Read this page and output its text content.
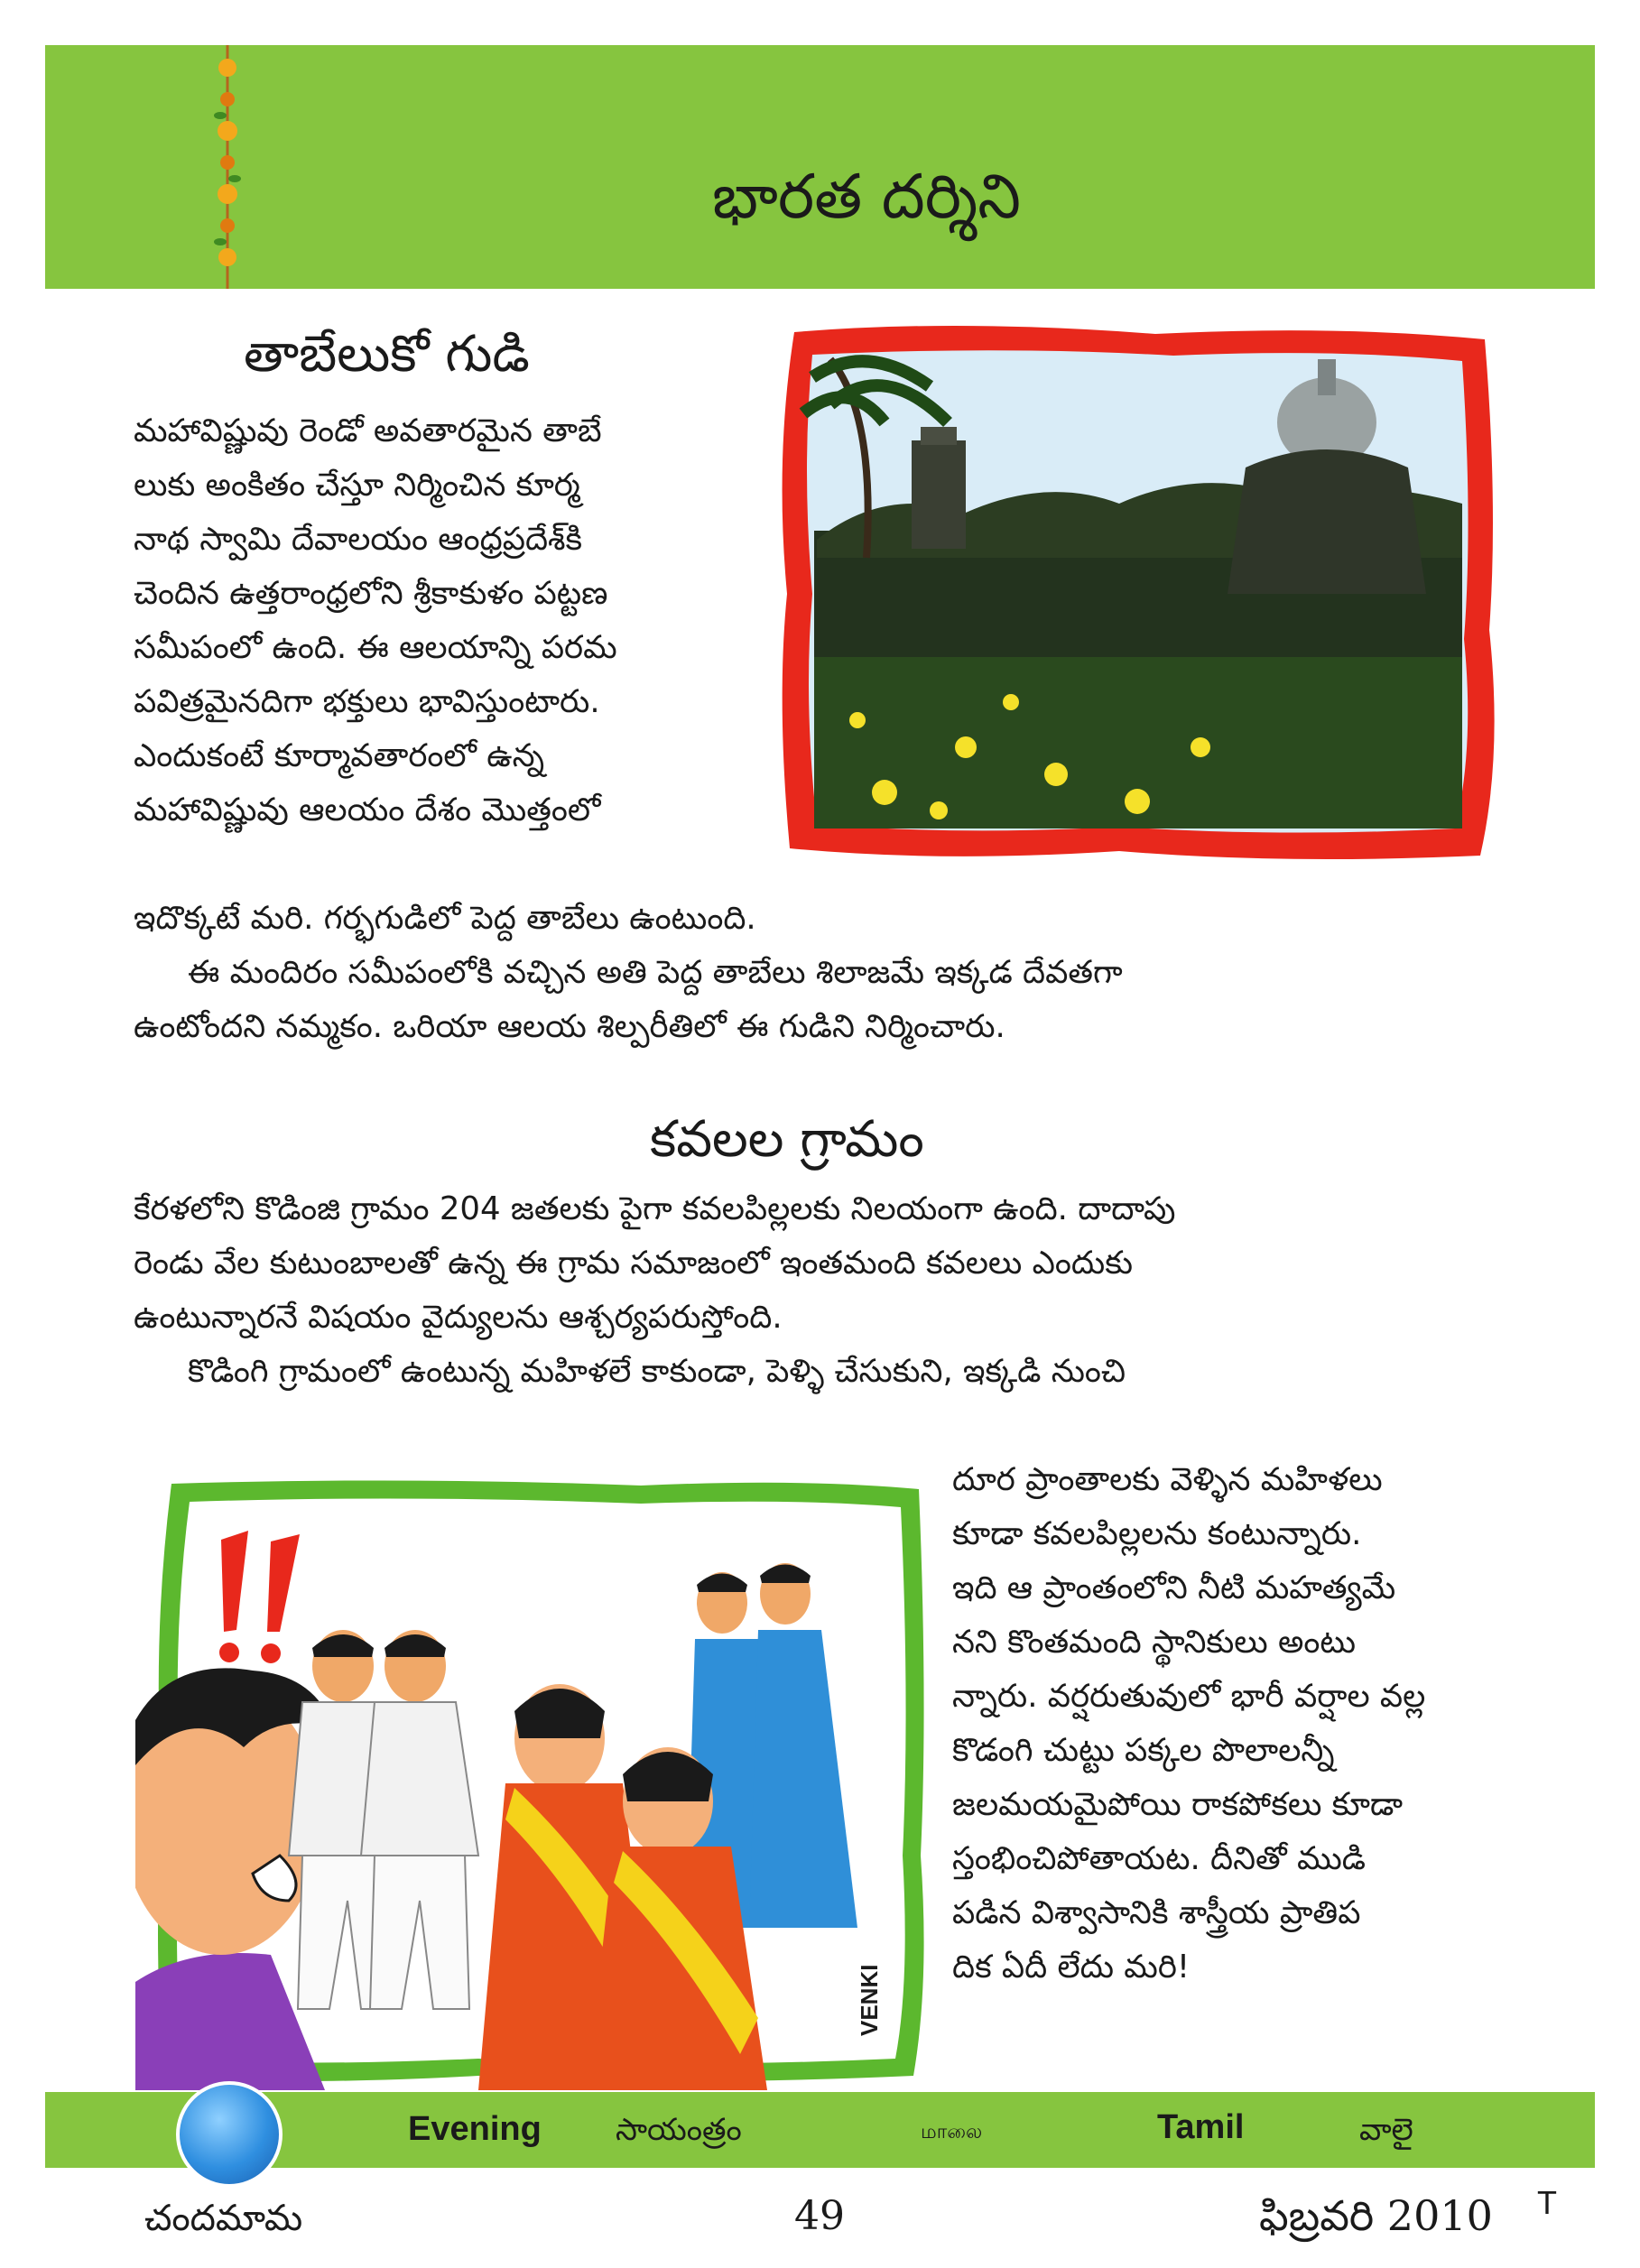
భారత దర్శిని
తాబేలుకో గుడి
మహావిష్ణువు రెండో అవతారమైన తాబే
లుకు అంకితం చేస్తూ నిర్మించిన కూర్మ
నాథ స్వామి దేవాలయం ఆంధ్రప్రదేశ్‌కి
చెందిన ఉత్తరాంధ్రలోని శ్రీకాకుళం పట్టణ
సమీపంలో ఉంది. ఈ ఆలయాన్ని పరమ
పవిత్రమైనదిగా భక్తులు భావిస్తుంటారు.
ఎందుకంటే కూర్మావతారంలో ఉన్న
మహావిష్ణువు ఆలయం దేశం మొత్తంలో
ఇదొక్కటే మరి. గర్భగుడిలో పెద్ద తాబేలు ఉంటుంది.
ఈ మందిరం సమీపంలోకి వచ్చిన అతి పెద్ద తాబేలు శిలాజమే ఇక్కడ దేవతగా
ఉంటోందని నమ్మకం. ఒరియా ఆలయ శిల్పరీతిలో ఈ గుడిని నిర్మించారు.
కవలల గ్రామం
కేరళలోని కొడింజి గ్రామం 204 జతలకు పైగా కవలపిల్లలకు నిలయంగా ఉంది. దాదాపు
రెండు వేల కుటుంబాలతో ఉన్న ఈ గ్రామ సమాజంలో ఇంతమంది కవలలు ఎందుకు
ఉంటున్నారనే విషయం వైద్యులను ఆశ్చర్యపరుస్తోంది.
కొడింగి గ్రామంలో ఉంటున్న మహిళలే కాకుండా, పెళ్ళి చేసుకుని, ఇక్కడి నుంచి
VENKI
దూర ప్రాంతాలకు వెళ్ళిన మహిళలు
కూడా కవలపిల్లలను కంటున్నారు.
ఇది ఆ ప్రాంతంలోని నీటి మహత్యమే
నని కొంతమంది స్థానికులు అంటు
న్నారు. వర్షరుతువులో భారీ వర్షాల వల్ల
కొడంగి చుట్టు పక్కల పొలాలన్నీ
జలమయమైపోయి రాకపోకలు కూడా
స్తంభించిపోతాయట. దీనితో ముడి
పడిన విశ్వాసానికి శాస్త్రీయ ప్రాతిప
దిక ఏదీ లేదు మరి!
Evening సాయంత్రం	மாலை	Tamil	వాలై
చందమామ	49	ఫిబ్రవరి 2010 T
